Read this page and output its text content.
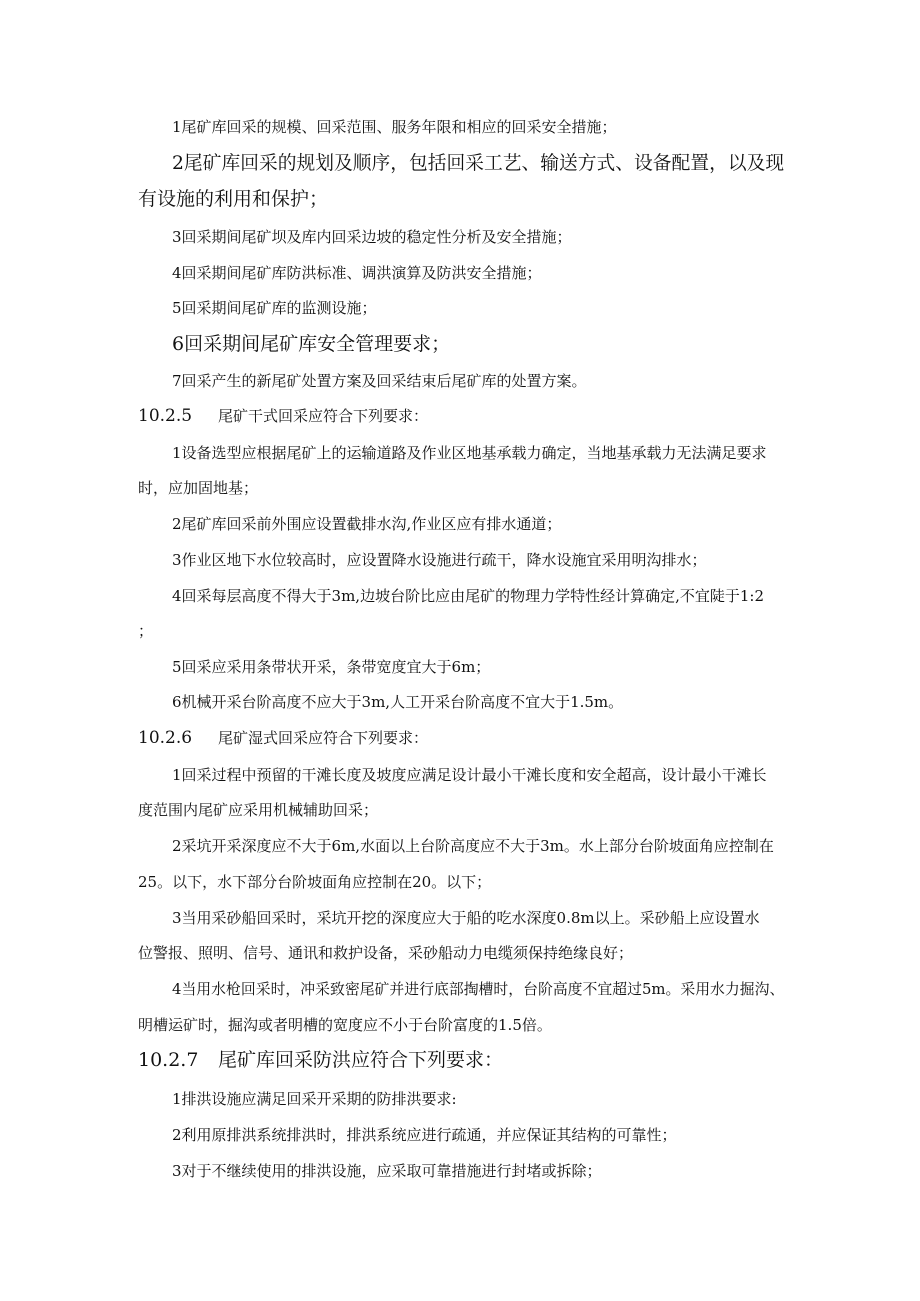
1尾矿库回采的规模、回采范围、服务年限和相应的回采安全措施；
2尾矿库回采的规划及顺序，包括回采工艺、输送方式、设备配置，以及现
有设施的利用和保护；
3回采期间尾矿坝及库内回采边坡的稳定性分析及安全措施；
4回采期间尾矿库防洪标准、调洪演算及防洪安全措施；
5回采期间尾矿库的监测设施；
6回采期间尾矿库安全管理要求；
7回采产生的新尾矿处置方案及回采结束后尾矿库的处置方案。
10.2.5 尾矿干式回采应符合下列要求：
1设备选型应根据尾矿上的运输道路及作业区地基承载力确定，当地基承载力无法满足要求
时，应加固地基；
2尾矿库回采前外围应设置截排水沟,作业区应有排水通道；
3作业区地下水位较高时，应设置降水设施进行疏干，降水设施宜采用明沟排水；
4回采每层高度不得大于3m,边坡台阶比应由尾矿的物理力学特性经计算确定,不宜陡于1:2
；
5回采应采用条带状开采，条带宽度宜大于6m；
6机械开采台阶高度不应大于3m,人工开采台阶高度不宜大于1.5m。
10.2.6 尾矿湿式回采应符合下列要求：
1回采过程中预留的干滩长度及坡度应满足设计最小干滩长度和安全超高，设计最小干滩长
度范围内尾矿应采用机械辅助回采；
2采坑开采深度应不大于6m,水面以上台阶高度应不大于3m。水上部分台阶坡面角应控制在
25。以下，水下部分台阶坡面角应控制在20。以下；
3当用采砂船回采时，采坑开挖的深度应大于船的吃水深度0.8m以上。采砂船上应设置水
位警报、照明、信号、通讯和救护设备，采砂船动力电缆须保持绝缘良好；
4当用水枪回采时，冲采致密尾矿并进行底部掏槽时，台阶高度不宜超过5m。采用水力掘沟、
明槽运矿时，掘沟或者明槽的宽度应不小于台阶富度的1.5倍。
10.2.7 尾矿库回采防洪应符合下列要求：
1排洪设施应满足回采开采期的防排洪要求:
2利用原排洪系统排洪时，排洪系统应进行疏通，并应保证其结构的可靠性；
3对于不继续使用的排洪设施，应采取可靠措施进行封堵或拆除；
